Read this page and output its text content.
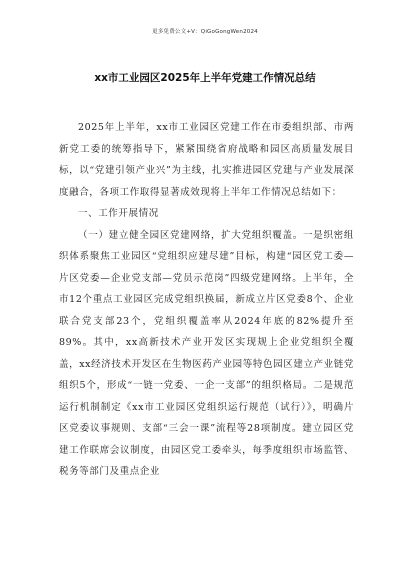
更多免费公文+V：QiGoGongWen2024
xx市工业园区2025年上半年党建工作情况总结

2025年上半年，xx市工业园区党建工作在市委组织部、市两新党工委的统筹指导下，紧紧围绕省府战略和园区高质量发展目标，以“党建引领产业兴”为主线，扎实推进园区党建与产业发展深度融合，各项工作取得显著成效现将上半年工作情况总结如下：

一、工作开展情况

（一）建立健全园区党建网络，扩大党组织覆盖。一是织密组织体系聚焦工业园区“党组织应建尽建”目标，构建“园区党工委—片区党委—企业党支部—党员示范岗”四级党建网络。上半年，全市12个重点工业园区完成党组织换届，新成立片区党委8个、企业联合党支部23个，党组织覆盖率从2024年底的82%提升至89%。其中，xx高新技术产业开发区实现规上企业党组织全覆盖，xx经济技术开发区在生物医药产业园等特色园区建立产业链党组织5个，形成“一链一党委、一企一支部”的组织格局。二是规范运行机制制定《xx市工业园区党组织运行规范（试行）》，明确片区党委议事规则、支部“三会一课”流程等28项制度。建立园区党建工作联席会议制度，由园区党工委牵头，每季度组织市场监管、税务等部门及重点企业
